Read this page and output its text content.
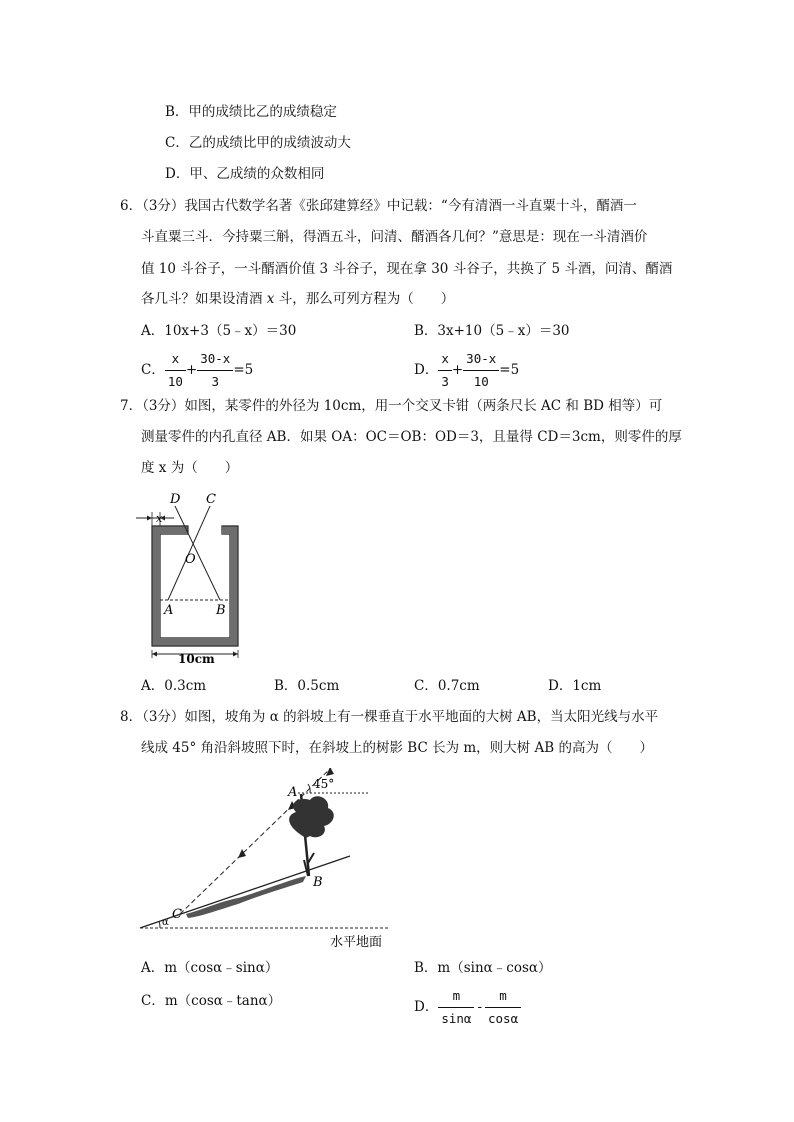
B．甲的成绩比乙的成绩稳定
C．乙的成绩比甲的成绩波动大
D．甲、乙成绩的众数相同
6．（3分）我国古代数学名著《张邱建算经》中记载：“今有清酒一斗直粟十斗，醑酒一
斗直粟三斗．今持粟三斛，得酒五斗，问清、醑酒各几何？”意思是：现在一斗清酒价
值 10 斗谷子，一斗醑酒价值 3 斗谷子，现在拿 30 斗谷子，共换了 5 斗酒，问清、醑酒
各几斗？如果设清酒 x 斗，那么可列方程为（　　）
A．10x+3（5﹣x）＝30	B．3x+10（5﹣x）＝30
C． $\frac{x}{10} + \frac{30-x}{3} =5$	D． $\frac{x}{3} + \frac{30-x}{10} =5$
7．（3分）如图，某零件的外径为 10cm，用一个交叉卡钳（两条尺长 AC 和 BD 相等）可
测量零件的内孔直径 AB．如果 OA：OC＝OB：OD＝3，且量得 CD＝3cm，则零件的厚
度 x 为（　　）
D C
x
O
A	B
10cm
A．0.3cm	B．0.5cm	C．0.7cm	D．1cm
8．（3分）如图，坡角为 α 的斜坡上有一棵垂直于水平地面的大树 AB，当太阳光线与水平
线成 45° 角沿斜坡照下时，在斜坡上的树影 BC 长为 m，则大树 AB 的高为（　　）
A
45°
B
C
α
水平地面
A．m（cosα﹣sinα）	B．m（sinα﹣cosα）
C．m（cosα﹣tanα）	D． $\frac{m}{\sin\alpha} - \frac{m}{\cos\alpha}$
